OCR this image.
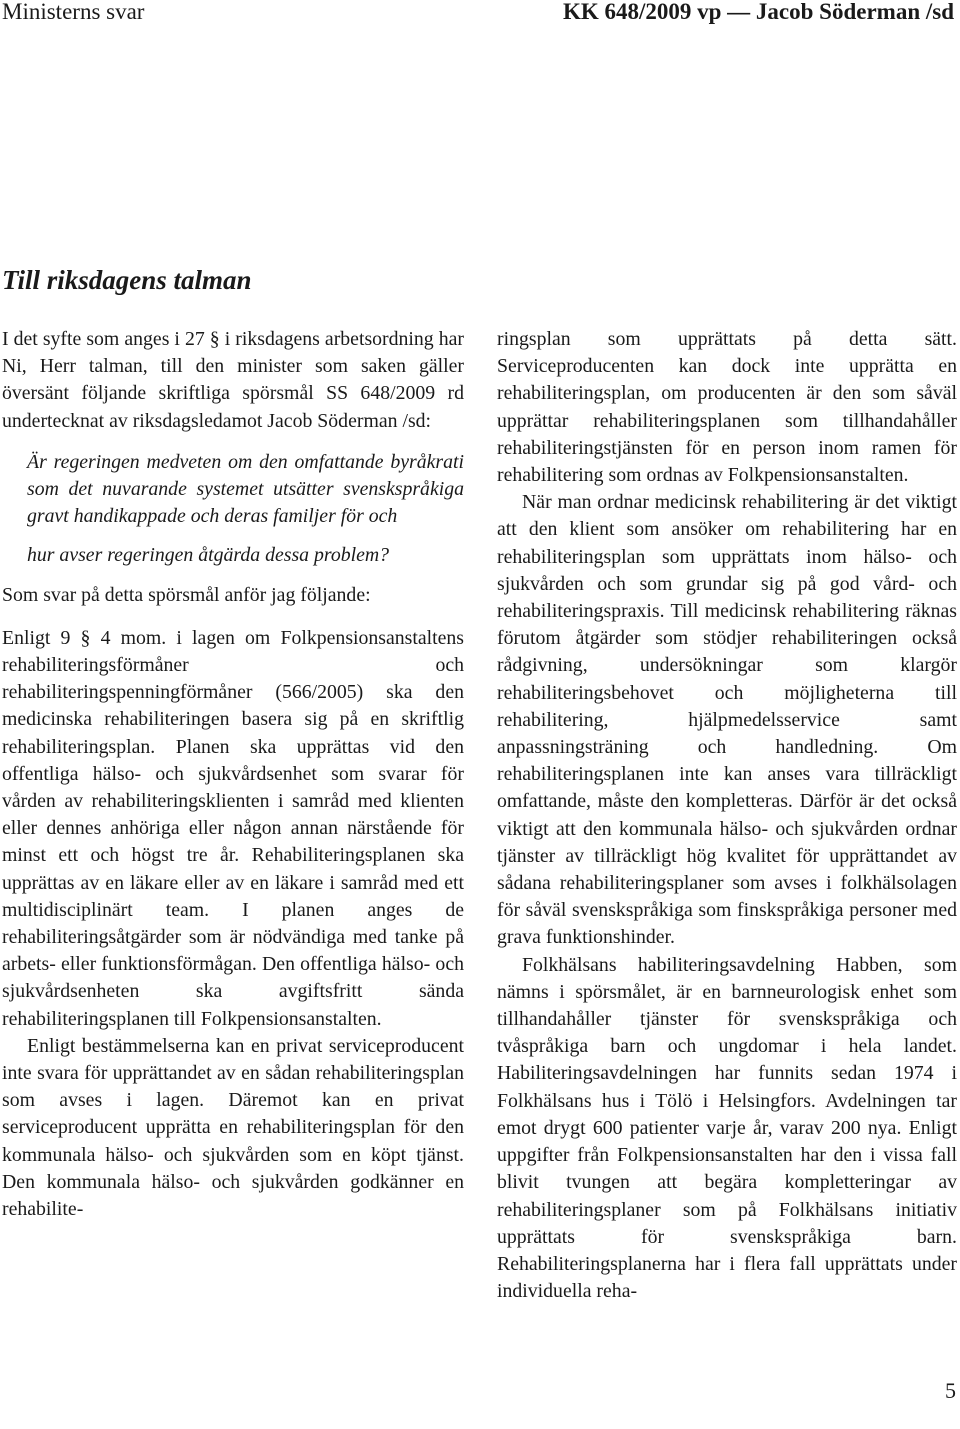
Ministerns svar	KK 648/2009 vp — Jacob Söderman /sd
Till riksdagens talman

I det syfte som anges i 27 § i riksdagens arbetsordning har Ni, Herr talman, till den minister som saken gäller översänt följande skriftliga spörsmål SS 648/2009 rd undertecknat av riksdagsledamot Jacob Söderman /sd:

Är regeringen medveten om den omfattande byråkrati som det nuvarande systemet utsätter svenskspråkiga gravt handikappade och deras familjer för och

hur avser regeringen åtgärda dessa problem?

Som svar på detta spörsmål anför jag följande:

Enligt 9 § 4 mom. i lagen om Folkpensionsanstaltens rehabiliteringsförmåner och rehabiliteringspenningförmåner (566/2005) ska den medicinska rehabiliteringen basera sig på en skriftlig rehabiliteringsplan. Planen ska upprättas vid den offentliga hälso- och sjukvårdsenhet som svarar för vården av rehabiliteringsklienten i samråd med klienten eller dennes anhöriga eller någon annan närstående för minst ett och högst tre år. Rehabiliteringsplanen ska upprättas av en läkare eller av en läkare i samråd med ett multidisciplinärt team. I planen anges de rehabiliteringsåtgärder som är nödvändiga med tanke på arbets- eller funktionsförmågan. Den offentliga hälso- och sjukvårdsenheten ska avgiftsfritt sända rehabiliteringsplanen till Folkpensionsanstalten.

Enligt bestämmelserna kan en privat serviceproducent inte svara för upprättandet av en sådan rehabiliteringsplan som avses i lagen. Däremot kan en privat serviceproducent upprätta en rehabiliteringsplan för den kommunala hälso- och sjukvården som en köpt tjänst. Den kommunala hälso- och sjukvården godkänner en rehabilite-

ringsplan som upprättats på detta sätt. Serviceproducenten kan dock inte upprätta en rehabiliteringsplan, om producenten är den som såväl upprättar rehabiliteringsplanen som tillhandahåller rehabiliteringstjänsten för en person inom ramen för rehabilitering som ordnas av Folkpensionsanstalten.

När man ordnar medicinsk rehabilitering är det viktigt att den klient som ansöker om rehabilitering har en rehabiliteringsplan som upprättats inom hälso- och sjukvården och som grundar sig på god vård- och rehabiliteringspraxis. Till medicinsk rehabilitering räknas förutom åtgärder som stödjer rehabiliteringen också rådgivning, undersökningar som klargör rehabiliteringsbehovet och möjligheterna till rehabilitering, hjälpmedelsservice samt anpassningsträning och handledning. Om rehabiliteringsplanen inte kan anses vara tillräckligt omfattande, måste den kompletteras. Därför är det också viktigt att den kommunala hälso- och sjukvården ordnar tjänster av tillräckligt hög kvalitet för upprättandet av sådana rehabiliteringsplaner som avses i folkhälsolagen för såväl svenskspråkiga som finskspråkiga personer med grava funktionshinder.

Folkhälsans habiliteringsavdelning Habben, som nämns i spörsmålet, är en barnneurologisk enhet som tillhandahåller tjänster för svenskspråkiga och tvåspråkiga barn och ungdomar i hela landet. Habiliteringsavdelningen har funnits sedan 1974 i Folkhälsans hus i Tölö i Helsingfors. Avdelningen tar emot drygt 600 patienter varje år, varav 200 nya. Enligt uppgifter från Folkpensionsanstalten har den i vissa fall blivit tvungen att begära kompletteringar av rehabiliteringsplaner som på Folkhälsans initiativ upprättats för svenskspråkiga barn. Rehabiliteringsplanerna har i flera fall upprättats under individuella reha-

5
